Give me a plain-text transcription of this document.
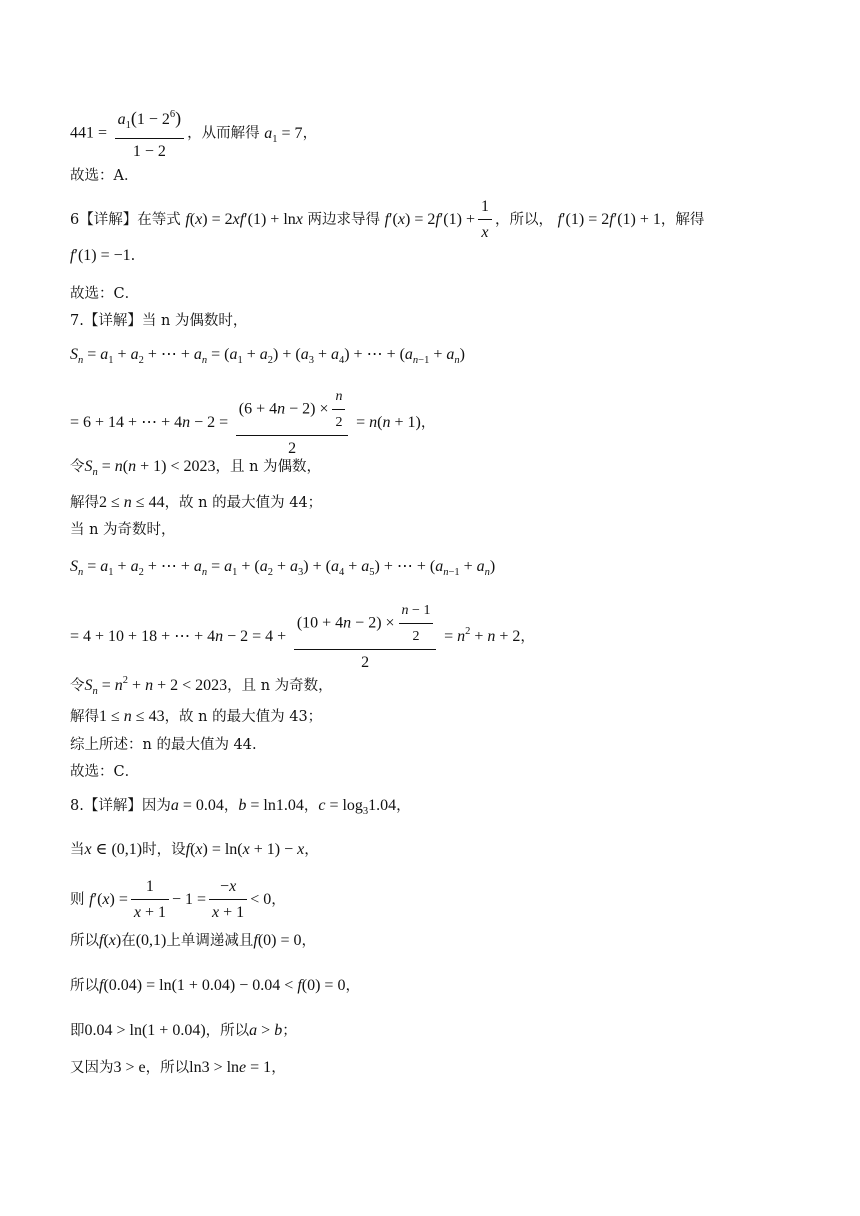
$441 = \frac{a_1(1 - 2^6)}{1 - 2}$ ，从而解得 $a_1 = 7$，
故选：A．
6【详解】在等式 f(x) = 2xf′(1) + lnx 两边求导得 $f'(x) = 2f'(1) + \frac{1}{x}$ ，所以， f′(1) = 2f′(1) + 1，解得
f′(1) = −1.
故选：C．
7.【详解】当 n 为偶数时，
$S_n = a_1 + a_2$ + ⋯ + $a_n = (a_1 + a_2) + (a_3 + a_4)$ + ⋯ + $(a_{n-1} + a_n)$
= 6 + 14 + ⋯ + $4n - 2 = \frac{(6 + 4n - 2) \times \frac{n}{2}}{2} = n(n + 1)$，
令$S_n = n(n + 1) < 2023$，且 n 为偶数，
解得2 ≤ n ≤ 44，故 n 的最大值为 44；
当 n 为奇数时，
$S_n = a_1 + a_2$ + ⋯ + $a_n = a_1 + (a_2 + a_3) + (a_4 + a_5)$ + ⋯ + $(a_{n-1} + a_n)$
= 4 + 10 + 18 + ⋯ + $4n - 2 = 4 + \frac{(10 + 4n - 2) \times \frac{n - 1}{2}}{2} = n^2 + n + 2$，
令$S_n = n^2 + n + 2 < 2023$，且 n 为奇数，
解得1 ≤ n ≤ 43，故 n 的最大值为 43；
综上所述：n 的最大值为 44.
故选：C．
8.【详解】因为a = 0.04，b = ln1.04，$c = \log_31.04$，
当x ∈ (0,1)时，设f(x) = ln(x + 1) − x，
则 $f'(x) = \frac{1}{x + 1} - 1 = \frac{-x}{x + 1} < 0$，
所以f(x)在(0,1)上单调递减且f(0) = 0，
所以f(0.04) = ln(1 + 0.04) − 0.04 < f(0) = 0，
即0.04 > ln(1 + 0.04)，所以a > b；
又因为3 > e，所以ln3 > lne = 1，
